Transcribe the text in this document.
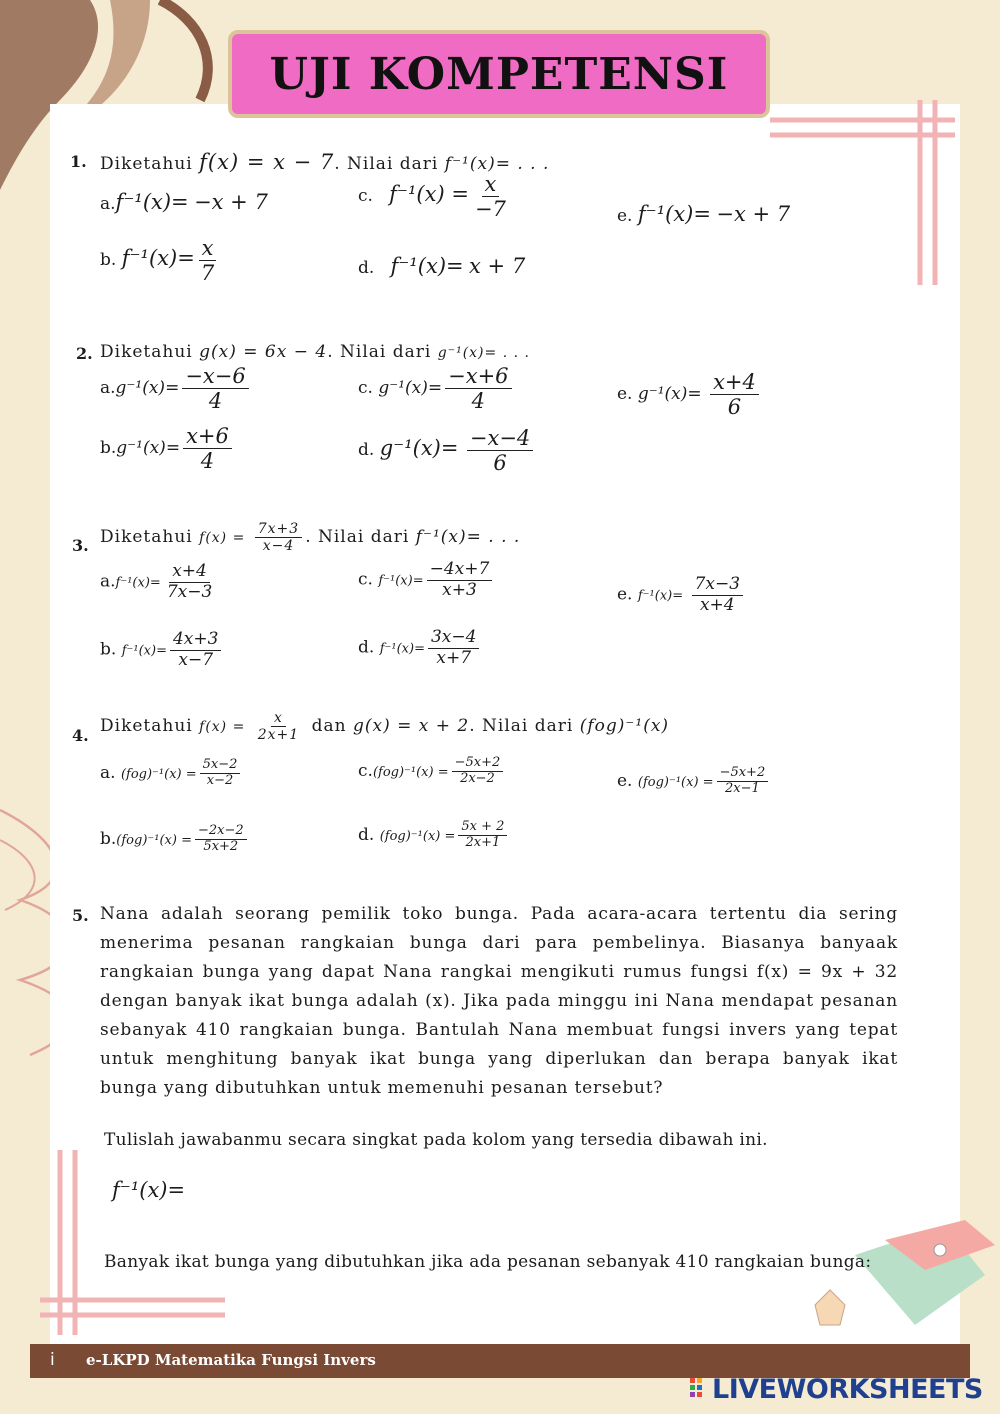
UJI KOMPETENSI
1. Diketahui f(x) = x − 7. Nilai dari f⁻¹(x)= . . .
a.f⁻¹(x)= −x + 7
b. $f^{-1}(x)= \frac{x}{7}$
c. $f^{-1}(x) = \frac{x}{-7}$
d. f⁻¹(x)= x + 7
e. f⁻¹(x)= −x + 7
2. Diketahui g(x) = 6x − 4. Nilai dari g⁻¹(x)= . . .
$a.g^{-1}(x)= \frac{-x-6}{4}$
$b.g^{-1}(x)= \frac{x+6}{4}$
c. $g^{-1}(x)= \frac{-x+6}{4}$
d. $g^{-1}(x)= \frac{-x-4}{6}$
e. $g^{-1}(x)= \frac{x+4}{6}$
3. Diketahui $f(x) = \frac{7x+3}{x-4}$ . Nilai dari f⁻¹(x)= . . .
$a.f^{-1}(x)= \frac{x+4}{7x-3}$
b. $f^{-1}(x)= \frac{4x+3}{x-7}$
c. $f^{-1}(x)= \frac{-4x+7}{x+3}$
d. $f^{-1}(x)= \frac{3x-4}{x+7}$
e. $f^{-1}(x)= \frac{7x-3}{x+4}$
4. Diketahui $f(x) = \frac{x}{2x+1}$ dan g(x) = x + 2. Nilai dari (fog)⁻¹(x)
a. $(fog)^{-1}(x) = \frac{5x-2}{x-2}$
$b.(fog)^{-1}(x) = \frac{-2x-2}{5x+2}$
$c.(fog)^{-1}(x) = \frac{-5x+2}{2x-2}$
d. $(fog)^{-1}(x) = \frac{5x + 2}{2x+1}$
e. $(fog)^{-1}(x) = \frac{-5x+2}{2x-1}$
5. Nana adalah seorang pemilik toko bunga. Pada acara-acara tertentu dia sering menerima pesanan rangkaian bunga dari para pembelinya. Biasanya banyaak rangkaian bunga yang dapat Nana rangkai mengikuti rumus fungsi f(x) = 9x + 32 dengan banyak ikat bunga adalah (x). Jika pada minggu ini Nana mendapat pesanan sebanyak 410 rangkaian bunga. Bantulah Nana membuat fungsi invers yang tepat untuk menghitung banyak ikat bunga yang diperlukan dan berapa banyak ikat bunga yang dibutuhkan untuk memenuhi pesanan tersebut?
Tulislah jawabanmu secara singkat pada kolom yang tersedia dibawah ini.
f⁻¹(x)=
Banyak ikat bunga yang dibutuhkan jika ada pesanan sebanyak 410 rangkaian bunga:
i e-LKPD Matematika Fungsi Invers
LIVEWORKSHEETS
